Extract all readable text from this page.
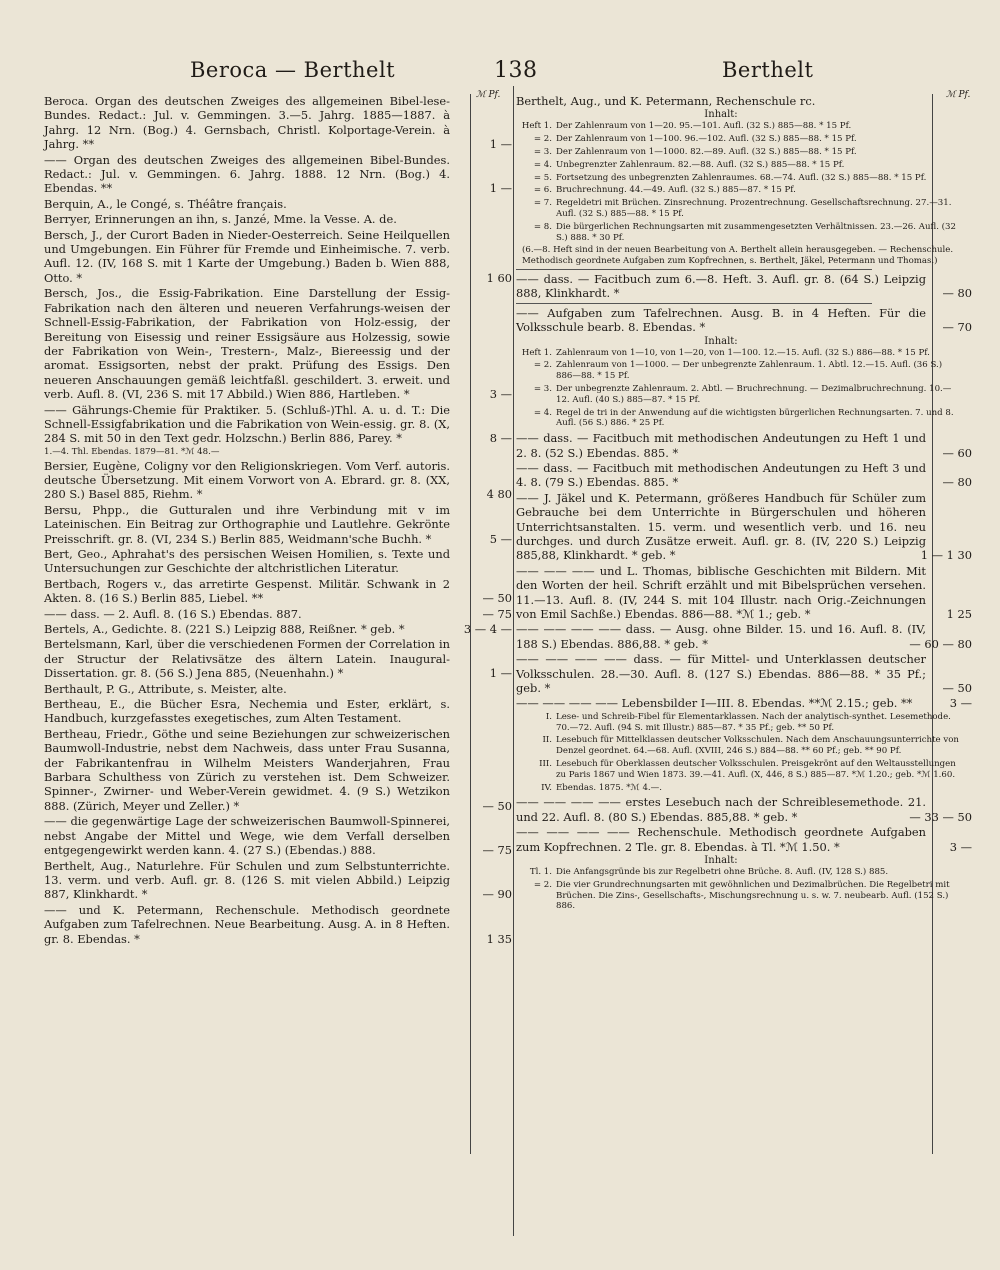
Beroca — Berthelt	138	Berthelt
ℳ Pf.	ℳ Pf.
Beroca. Organ des deutschen Zweiges des allgemeinen Bibel-lese-Bundes. Redact.: Jul. v. Gemmingen. 3.—5. Jahrg. 1885—1887. à Jahrg. 12 Nrn. (Bog.) 4. Gernsbach, Christl. Kolportage-Verein. à Jahrg. **	1 —
—— Organ des deutschen Zweiges des allgemeinen Bibel-Bundes. Redact.: Jul. v. Gemmingen. 6. Jahrg. 1888. 12 Nrn. (Bog.) 4. Ebendas. **	1 —
Berquin, A., le Congé, s. Théâtre français.
Berryer, Erinnerungen an ihn, s. Janzé, Mme. la Vesse. A. de.
Bersch, J., der Curort Baden in Nieder-Oesterreich. Seine Heilquellen und Umgebungen. Ein Führer für Fremde und Einheimische. 7. verb. Aufl. 12. (IV, 168 S. mit 1 Karte der Umgebung.) Baden b. Wien 888, Otto. *	1 60
Bersch, Jos., die Essig-Fabrikation. Eine Darstellung der Essig-Fabrikation nach den älteren und neueren Verfahrungs-weisen der Schnell-Essig-Fabrikation, der Fabrikation von Holz-essig, der Bereitung von Eisessig und reiner Essigsäure aus Holzessig, sowie der Fabrikation von Wein-, Trestern-, Malz-, Biereessig und der aromat. Essigsorten, nebst der prakt. Prüfung des Essigs. Den neueren Anschauungen gemäß leichtfaßl. geschildert. 3. erweit. und verb. Aufl. 8. (VI, 236 S. mit 17 Abbild.) Wien 886, Hartleben. *	3 —
—— Gährungs-Chemie für Praktiker. 5. (Schluß-)Thl. A. u. d. T.: Die Schnell-Essigfabrikation und die Fabrikation von Wein-essig. gr. 8. (X, 284 S. mit 50 in den Text gedr. Holzschn.) Berlin 886, Parey. *	8 —
1.—4. Thl. Ebendas. 1879—81. *ℳ 48.—
Bersier, Eugène, Coligny vor den Religionskriegen. Vom Verf. autoris. deutsche Übersetzung. Mit einem Vorwort von A. Ebrard. gr. 8. (XX, 280 S.) Basel 885, Riehm. *	4 80
Bersu, Phpp., die Gutturalen und ihre Verbindung mit v im Lateinischen. Ein Beitrag zur Orthographie und Lautlehre. Gekrönte Preisschrift. gr. 8. (VI, 234 S.) Berlin 885, Weidmann'sche Buchh. *	5 —
Bert, Geo., Aphrahat's des persischen Weisen Homilien, s. Texte und Untersuchungen zur Geschichte der altchristlichen Literatur.
Bertbach, Rogers v., das arretirte Gespenst. Militär. Schwank in 2 Akten. 8. (16 S.) Berlin 885, Liebel. **	— 50
—— dass. — 2. Aufl. 8. (16 S.) Ebendas. 887.	— 75
Bertels, A., Gedichte. 8. (221 S.) Leipzig 888, Reißner. * geb. *	3 — 4 —
Bertelsmann, Karl, über die verschiedenen Formen der Correlation in der Structur der Relativsätze des ältern Latein. Inaugural-Dissertation. gr. 8. (56 S.) Jena 885, (Neuenhahn.) *	1 —
Berthault, P. G., Attribute, s. Meister, alte.
Bertheau, E., die Bücher Esra, Nechemia und Ester, erklärt, s. Handbuch, kurzgefasstes exegetisches, zum Alten Testament.
Bertheau, Friedr., Göthe und seine Beziehungen zur schweizerischen Baumwoll-Industrie, nebst dem Nachweis, dass unter Frau Susanna, der Fabrikantenfrau in Wilhelm Meisters Wanderjahren, Frau Barbara Schulthess von Zürich zu verstehen ist. Dem Schweizer. Spinner-, Zwirner- und Weber-Verein gewidmet. 4. (9 S.) Wetzikon 888. (Zürich, Meyer und Zeller.) *	— 50
—— die gegenwärtige Lage der schweizerischen Baumwoll-Spinnerei, nebst Angabe der Mittel und Wege, wie dem Verfall derselben entgegengewirkt werden kann. 4. (27 S.) (Ebendas.) 888.	— 75
Berthelt, Aug., Naturlehre. Für Schulen und zum Selbstunterrichte. 13. verm. und verb. Aufl. gr. 8. (126 S. mit vielen Abbild.) Leipzig 887, Klinkhardt. *	— 90
—— und K. Petermann, Rechenschule. Methodisch geordnete Aufgaben zum Tafelrechnen. Neue Bearbeitung. Ausg. A. in 8 Heften. gr. 8. Ebendas. *	1 35
Berthelt, Aug., und K. Petermann, Rechenschule rc.
Inhalt:
Heft 1. Der Zahlenraum von 1—20. 95.—101. Aufl. (32 S.) 885—88. * 15 Pf.
= 2. Der Zahlenraum von 1—100. 96.—102. Aufl. (32 S.) 885—88. * 15 Pf.
= 3. Der Zahlenraum von 1—1000. 82.—89. Aufl. (32 S.) 885—88. * 15 Pf.
= 4. Unbegrenzter Zahlenraum. 82.—88. Aufl. (32 S.) 885—88. * 15 Pf.
= 5. Fortsetzung des unbegrenzten Zahlenraumes. 68.—74. Aufl. (32 S.) 885—88. * 15 Pf.
= 6. Bruchrechnung. 44.—49. Aufl. (32 S.) 885—87. * 15 Pf.
= 7. Regeldetri mit Brüchen. Zinsrechnung. Prozentrechnung. Gesellschaftsrechnung. 27.—31. Aufl. (32 S.) 885—88. * 15 Pf.
= 8. Die bürgerlichen Rechnungsarten mit zusammengesetzten Verhältnissen. 23.—26. Aufl. (32 S.) 888. * 30 Pf.
(6.—8. Heft sind in der neuen Bearbeitung von A. Berthelt allein herausgegeben. — Rechenschule. Methodisch geordnete Aufgaben zum Kopfrechnen, s. Berthelt, Jäkel, Petermann und Thomas.)
—— dass. — Facitbuch zum 6.—8. Heft. 3. Aufl. gr. 8. (64 S.) Leipzig 888, Klinkhardt. *	— 80
—— Aufgaben zum Tafelrechnen. Ausg. B. in 4 Heften. Für die Volksschule bearb. 8. Ebendas. *	— 70
Inhalt:
Heft 1. Zahlenraum von 1—10, von 1—20, von 1—100. 12.—15. Aufl. (32 S.) 886—88. * 15 Pf.
= 2. Zahlenraum von 1—1000. — Der unbegrenzte Zahlenraum. 1. Abtl. 12.—15. Aufl. (36 S.) 886—88. * 15 Pf.
= 3. Der unbegrenzte Zahlenraum. 2. Abtl. — Bruchrechnung. — Dezimalbruchrechnung. 10.—12. Aufl. (40 S.) 885—87. * 15 Pf.
= 4. Regel de tri in der Anwendung auf die wichtigsten bürgerlichen Rechnungsarten. 7. und 8. Aufl. (56 S.) 886. * 25 Pf.
—— dass. — Facitbuch mit methodischen Andeutungen zu Heft 1 und 2. 8. (52 S.) Ebendas. 885. *	— 60
—— dass. — Facitbuch mit methodischen Andeutungen zu Heft 3 und 4. 8. (79 S.) Ebendas. 885. *	— 80
—— J. Jäkel und K. Petermann, größeres Handbuch für Schüler zum Gebrauche bei dem Unterrichte in Bürgerschulen und höheren Unterrichtsanstalten. 15. verm. und wesentlich verb. und 16. neu durchges. und durch Zusätze erweit. Aufl. gr. 8. (IV, 220 S.) Leipzig 885,88, Klinkhardt. * geb. *	1 — 1 30
—— —— —— und L. Thomas, biblische Geschichten mit Bildern. Mit den Worten der heil. Schrift erzählt und mit Bibelsprüchen versehen. 11.—13. Aufl. 8. (IV, 244 S. mit 104 Illustr. nach Orig.-Zeichnungen von Emil Sachße.) Ebendas. 886—88. *ℳ 1.; geb. *	1 25
—— —— —— —— dass. — Ausg. ohne Bilder. 15. und 16. Aufl. 8. (IV, 188 S.) Ebendas. 886,88. * geb. *	— 60 — 80
—— —— —— —— dass. — für Mittel- und Unterklassen deutscher Volksschulen. 28.—30. Aufl. 8. (127 S.) Ebendas. 886—88. * 35 Pf.; geb. *	— 50
—— —— —— —— Lebensbilder I—III. 8. Ebendas. **ℳ 2.15.; geb. **	3 —
I. Lese- und Schreib-Fibel für Elementarklassen. Nach der analytisch-synthet. Lesemethode. 70.—72. Aufl. (94 S. mit Illustr.) 885—87. * 35 Pf.; geb. ** 50 Pf.
II. Lesebuch für Mittelklassen deutscher Volksschulen. Nach dem Anschauungsunterrichte von Denzel geordnet. 64.—68. Aufl. (XVIII, 246 S.) 884—88. ** 60 Pf.; geb. ** 90 Pf.
III. Lesebuch für Oberklassen deutscher Volksschulen. Preisgekrönt auf den Weltausstellungen zu Paris 1867 und Wien 1873. 39.—41. Aufl. (X, 446, 8 S.) 885—87. *ℳ 1.20.; geb. *ℳ 1.60.
IV. Ebendas. 1875. *ℳ 4.—.
—— —— —— —— erstes Lesebuch nach der Schreiblesemethode. 21. und 22. Aufl. 8. (80 S.) Ebendas. 885,88. * geb. *	— 33 — 50
—— —— —— —— Rechenschule. Methodisch geordnete Aufgaben zum Kopfrechnen. 2 Tle. gr. 8. Ebendas. à Tl. *ℳ 1.50. *	3 —
Inhalt:
Tl. 1. Die Anfangsgründe bis zur Regelbetri ohne Brüche. 8. Aufl. (IV, 128 S.) 885.
= 2. Die vier Grundrechnungsarten mit gewöhnlichen und Dezimalbrüchen. Die Regelbetri mit Brüchen. Die Zins-, Gesellschafts-, Mischungsrechnung u. s. w. 7. neubearb. Aufl. (152 S.) 886.
